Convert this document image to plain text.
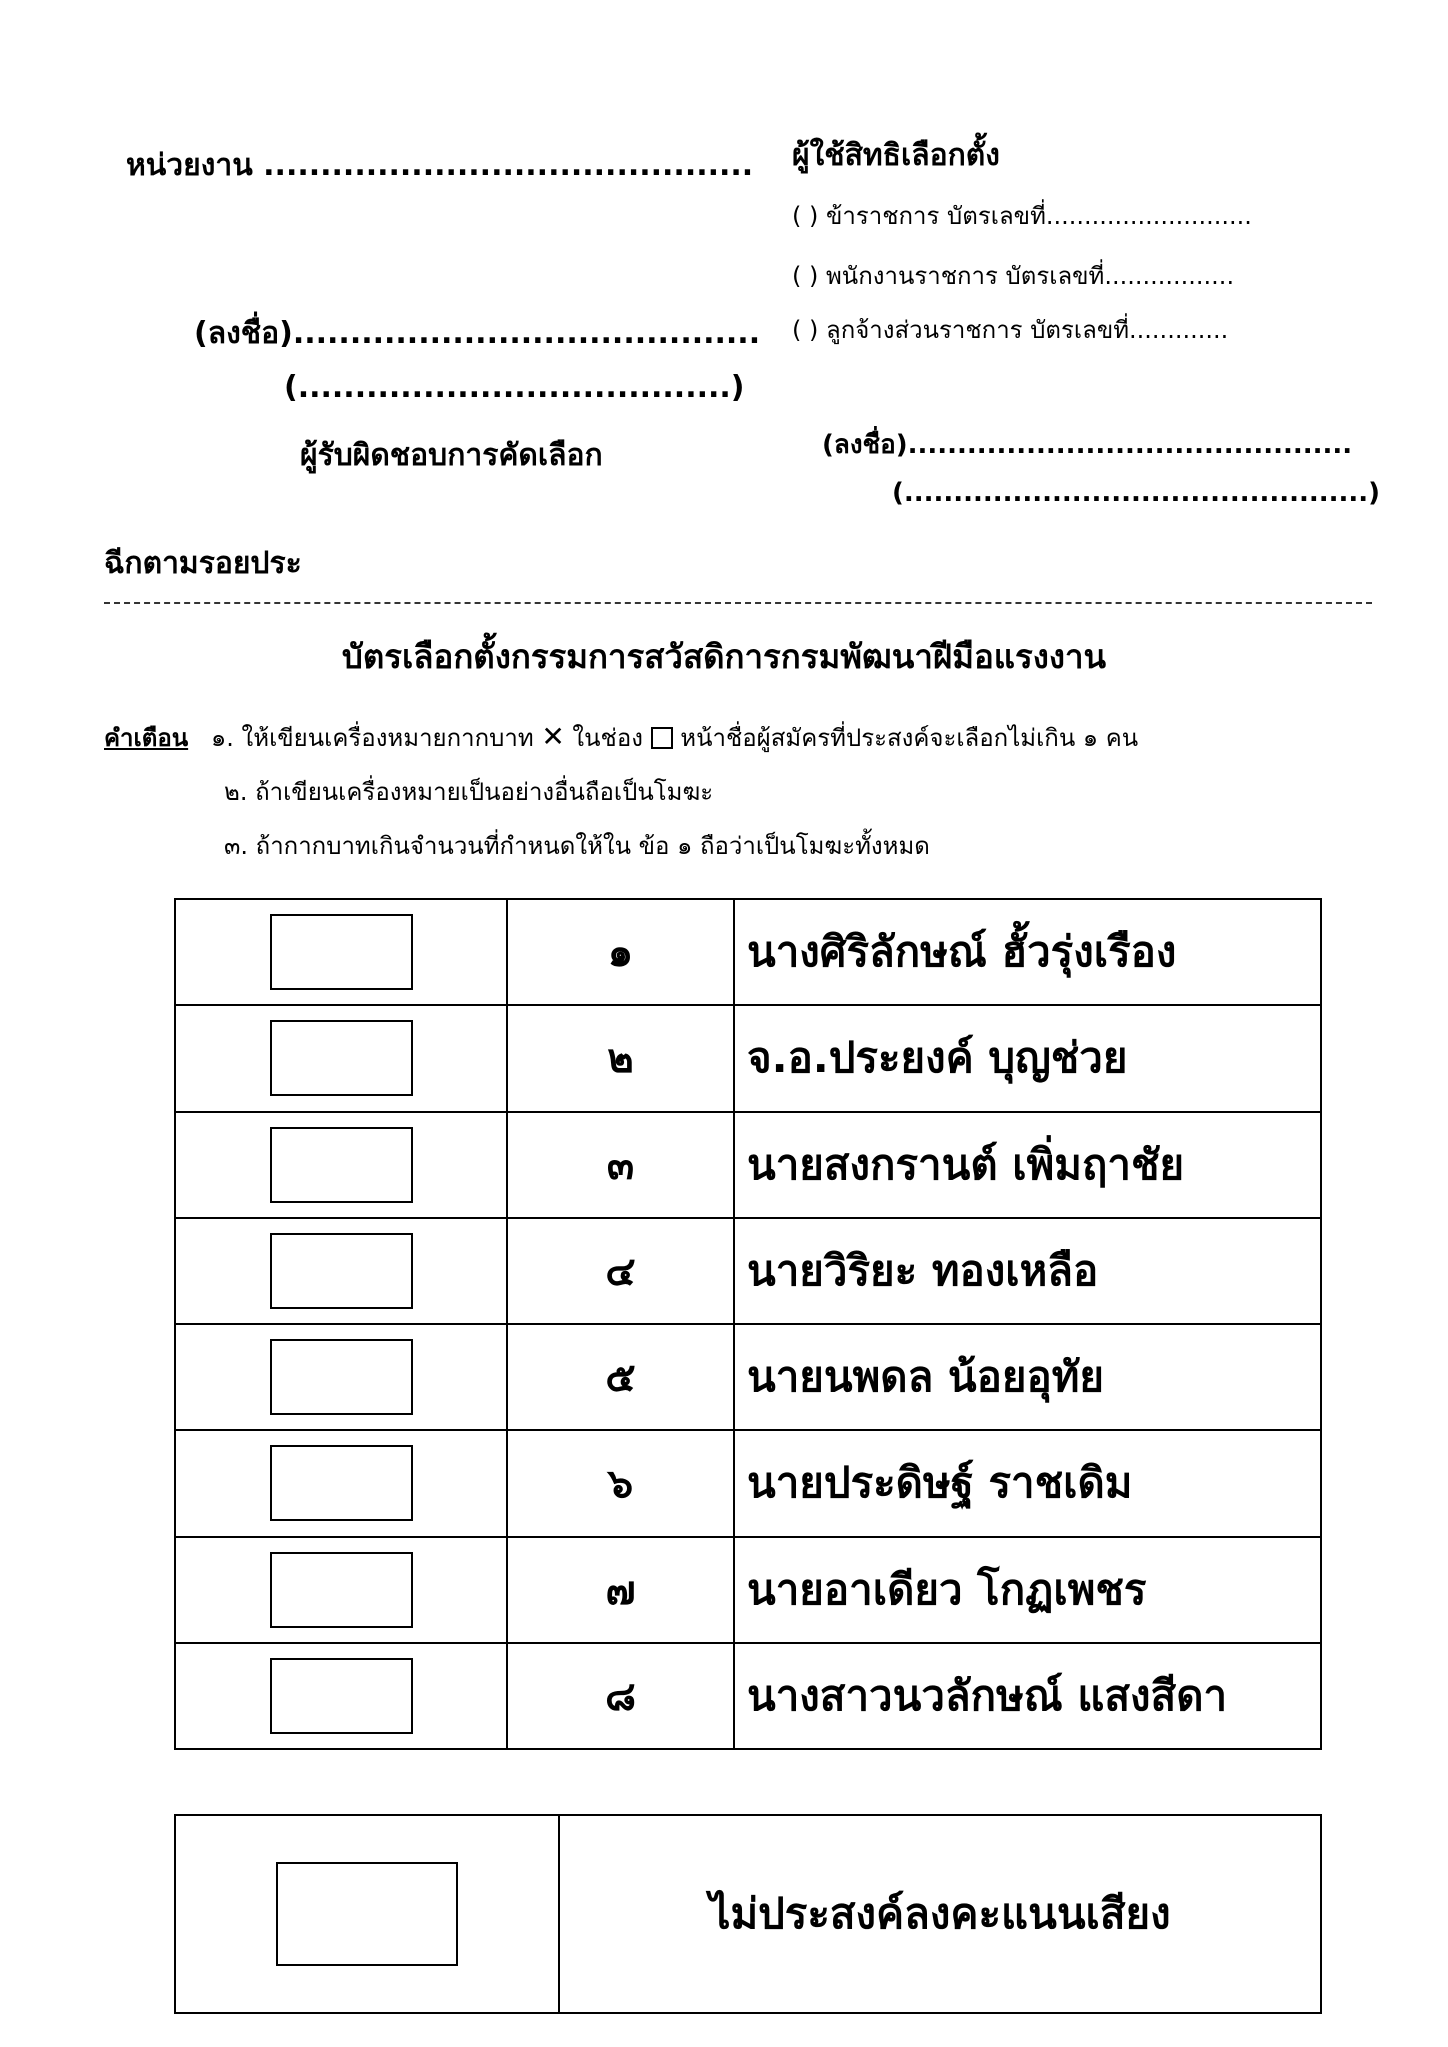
หน่วยงาน ........................................... ผู้ใช้สิทธิเลือกตั้ง
( ) ข้าราชการ บัตรเลขที่...........................
( ) พนักงานราชการ บัตรเลขที่.................
( ) ลูกจ้างส่วนราชการ บัตรเลขที่.............
(ลงชื่อ).........................................
(......................................)
ผู้รับผิดชอบการคัดเลือก	(ลงชื่อ).............................................
(...............................................)
ฉีกตามรอยประ
บัตรเลือกตั้งกรรมการสวัสดิการกรมพัฒนาฝีมือแรงงาน
คำเตือน ๑. ให้เขียนเครื่องหมายกากบาท ✕ ในช่อง หน้าชื่อผู้สมัครที่ประสงค์จะเลือกไม่เกิน ๑ คน
๒. ถ้าเขียนเครื่องหมายเป็นอย่างอื่นถือเป็นโมฆะ
๓. ถ้ากากบาทเกินจำนวนที่กำหนดให้ใน ข้อ ๑ ถือว่าเป็นโมฆะทั้งหมด
	๑	นางศิริลักษณ์ ฮั้วรุ่งเรือง
	๒	จ.อ.ประยงค์ บุญช่วย
	๓	นายสงกรานต์ เพิ่มฤาชัย
	๔	นายวิริยะ ทองเหลือ
	๕	นายนพดล น้อยอุทัย
	๖	นายประดิษฐ์ ราชเดิม
	๗	นายอาเดียว โกฏเพชร
	๘	นางสาวนวลักษณ์ แสงสีดา
	ไม่ประสงค์ลงคะแนนเสียง
